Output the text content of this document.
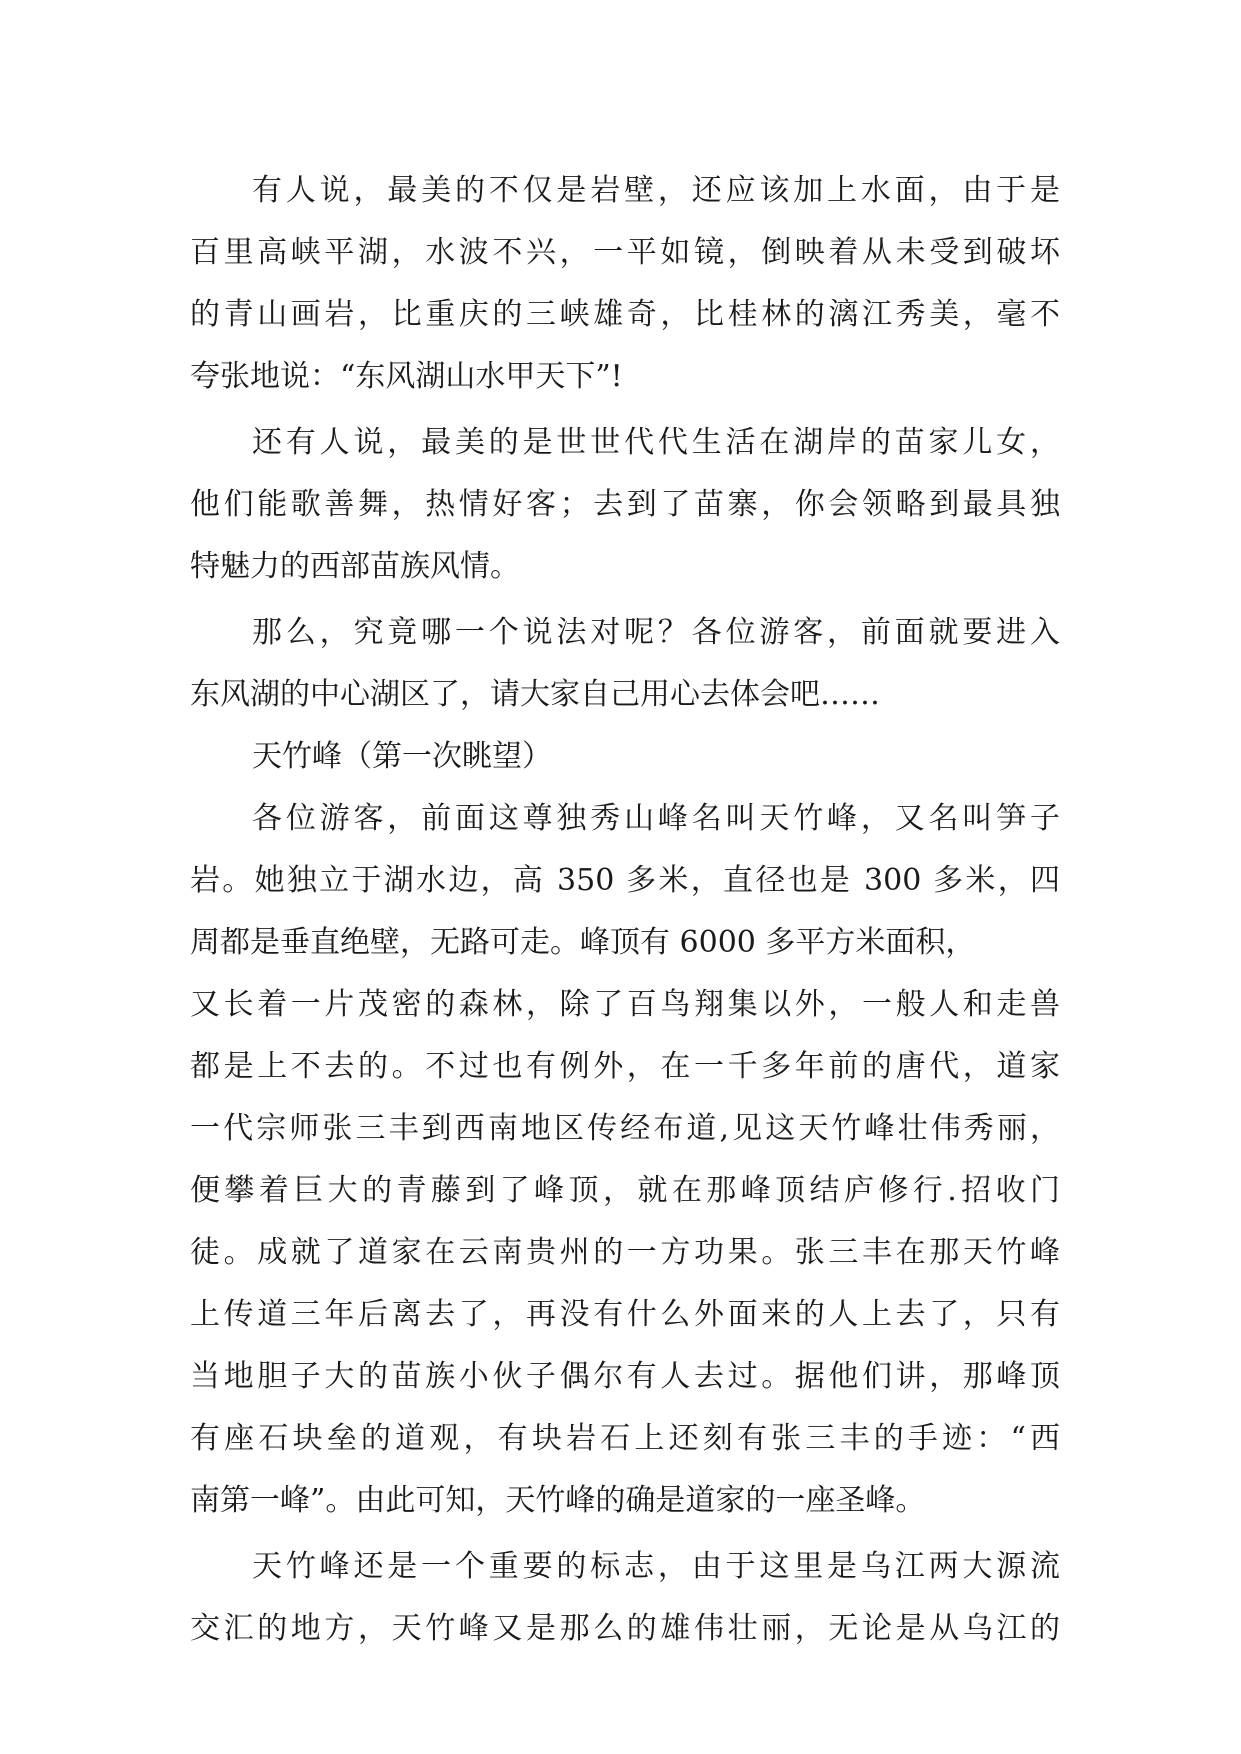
有人说，最美的不仅是岩壁，还应该加上水面，由于是
百里高峡平湖，水波不兴，一平如镜，倒映着从未受到破坏
的青山画岩，比重庆的三峡雄奇，比桂林的漓江秀美，毫不
夸张地说：“东风湖山水甲天下”!
还有人说，最美的是世世代代生活在湖岸的苗家儿女，
他们能歌善舞，热情好客；去到了苗寨，你会领略到最具独
特魅力的西部苗族风情。
那么，究竟哪一个说法对呢？各位游客，前面就要进入
东风湖的中心湖区了，请大家自己用心去体会吧……
天竹峰（第一次眺望）
各位游客，前面这尊独秀山峰名叫天竹峰，又名叫笋子
岩。她独立于湖水边，高 350 多米，直径也是 300 多米，四
周都是垂直绝壁，无路可走。峰顶有 6000 多平方米面积，
又长着一片茂密的森林，除了百鸟翔集以外，一般人和走兽
都是上不去的。不过也有例外，在一千多年前的唐代，道家
一代宗师张三丰到西南地区传经布道,见这天竹峰壮伟秀丽，
便攀着巨大的青藤到了峰顶，就在那峰顶结庐修行.招收门
徒。成就了道家在云南贵州的一方功果。张三丰在那天竹峰
上传道三年后离去了，再没有什么外面来的人上去了，只有
当地胆子大的苗族小伙子偶尔有人去过。据他们讲，那峰顶
有座石块垒的道观，有块岩石上还刻有张三丰的手迹：“西
南第一峰”。由此可知，天竹峰的确是道家的一座圣峰。
天竹峰还是一个重要的标志，由于这里是乌江两大源流
交汇的地方，天竹峰又是那么的雄伟壮丽，无论是从乌江的
